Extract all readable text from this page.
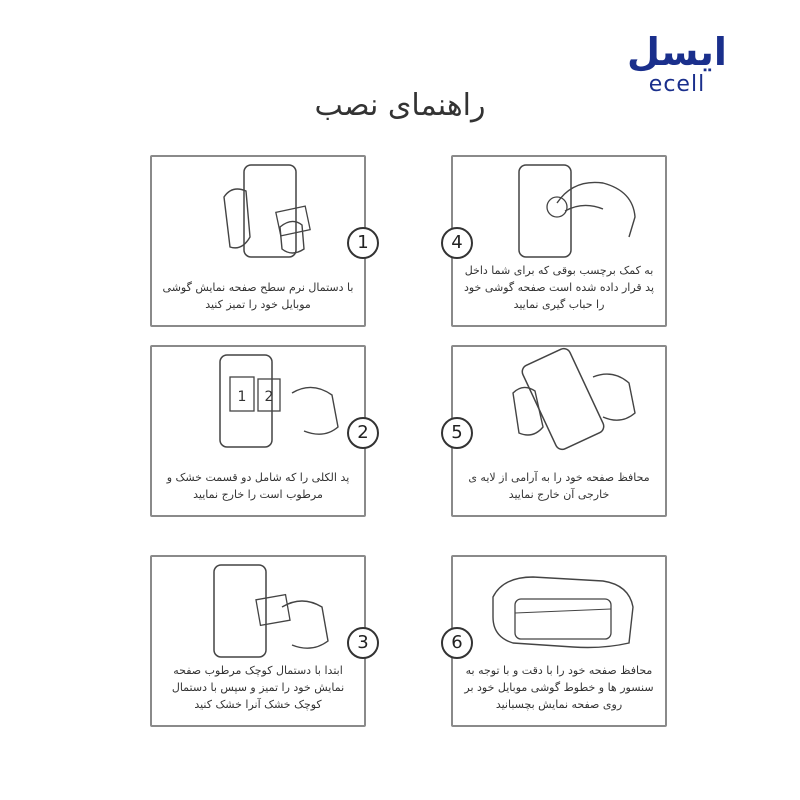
ایسل
ecell
راهنمای نصب
1
با دستمال نرم سطح صفحه نمایش گوشی موبایل خود را تمیز کنید
4
به کمک برچسب بوقی که برای شما داخل پد قرار داده شده است صفحه گوشی خود را حباب گیری نمایید
1 2
2
پد الکلی را که شامل دو قسمت خشک و مرطوب است را خارج نمایید
5
محافظ صفحه خود را به آرامی از لایه ی خارجی آن خارج نمایید
3
ابتدا با دستمال کوچک مرطوب صفحه نمایش خود را تمیز و سپس با دستمال کوچک خشک آنرا خشک کنید
6
محافظ صفحه خود را با دقت و با توجه به سنسور ها و خطوط گوشی موبایل خود بر روی صفحه نمایش بچسبانید
